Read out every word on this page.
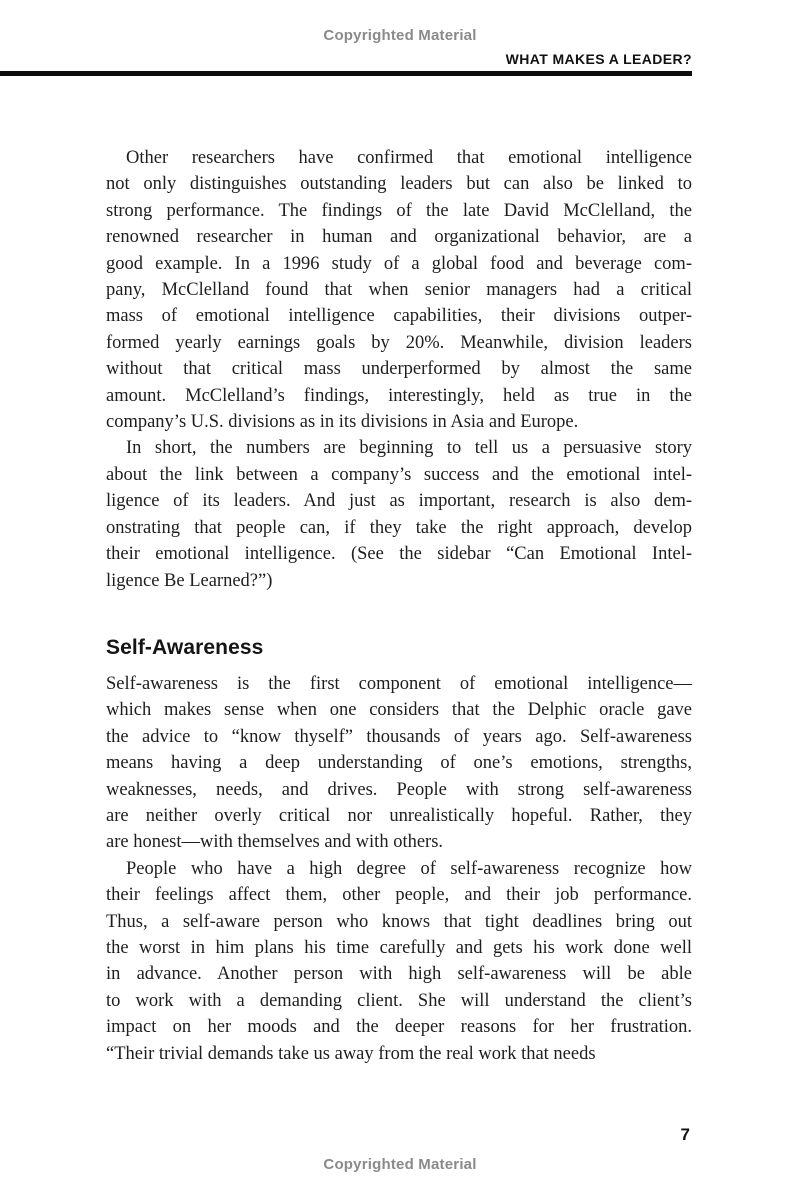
Copyrighted Material
WHAT MAKES A LEADER?

Other researchers have confirmed that emotional intelligence
not only distinguishes outstanding leaders but can also be linked to
strong performance. The findings of the late David McClelland, the
renowned researcher in human and organizational behavior, are a
good example. In a 1996 study of a global food and beverage com-
pany, McClelland found that when senior managers had a critical
mass of emotional intelligence capabilities, their divisions outper-
formed yearly earnings goals by 20%. Meanwhile, division leaders
without that critical mass underperformed by almost the same
amount. McClelland’s findings, interestingly, held as true in the
company’s U.S. divisions as in its divisions in Asia and Europe.

In short, the numbers are beginning to tell us a persuasive story
about the link between a company’s success and the emotional intel-
ligence of its leaders. And just as important, research is also dem-
onstrating that people can, if they take the right approach, develop
their emotional intelligence. (See the sidebar “Can Emotional Intel-
ligence Be Learned?”)

Self-Awareness

Self-awareness is the first component of emotional intelligence—
which makes sense when one considers that the Delphic oracle gave
the advice to “know thyself” thousands of years ago. Self-awareness
means having a deep understanding of one’s emotions, strengths,
weaknesses, needs, and drives. People with strong self-awareness
are neither overly critical nor unrealistically hopeful. Rather, they
are honest—with themselves and with others.

People who have a high degree of self-awareness recognize how
their feelings affect them, other people, and their job performance.
Thus, a self-aware person who knows that tight deadlines bring out
the worst in him plans his time carefully and gets his work done well
in advance. Another person with high self-awareness will be able
to work with a demanding client. She will understand the client’s
impact on her moods and the deeper reasons for her frustration.
“Their trivial demands take us away from the real work that needs

7
Copyrighted Material
